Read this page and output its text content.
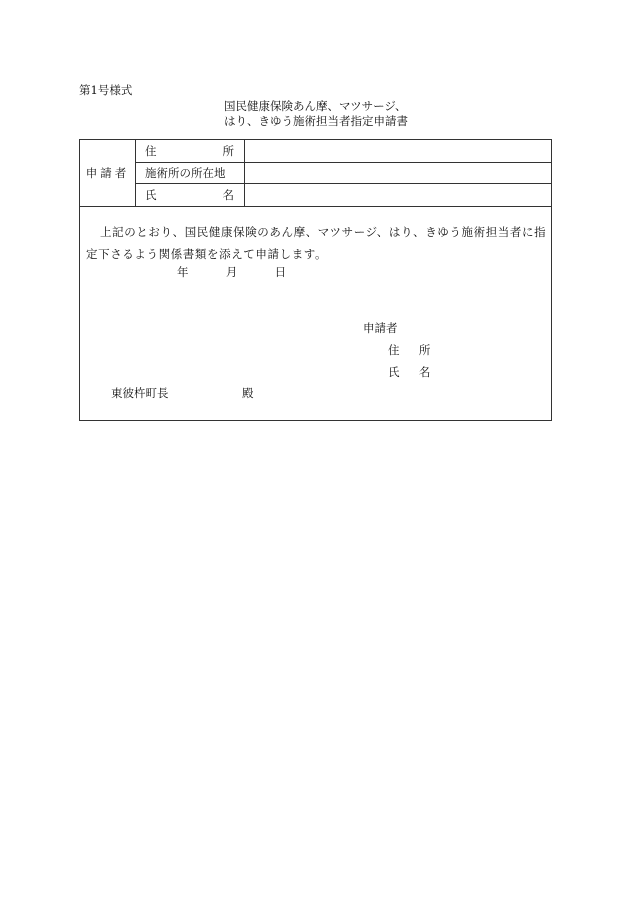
第1号様式
国民健康保険あん摩、マツサージ、
はり、きゆう施術担当者指定申請書
申請者
住	所
施術所の所在地
氏	名
上記のとおり、国民健康保険のあん摩、マツサージ、はり、きゆう施術担当者に指定下さるよう関係書類を添えて申請します。
年	月	日
申請者
住 所
氏 名
東彼杵町長	殿
